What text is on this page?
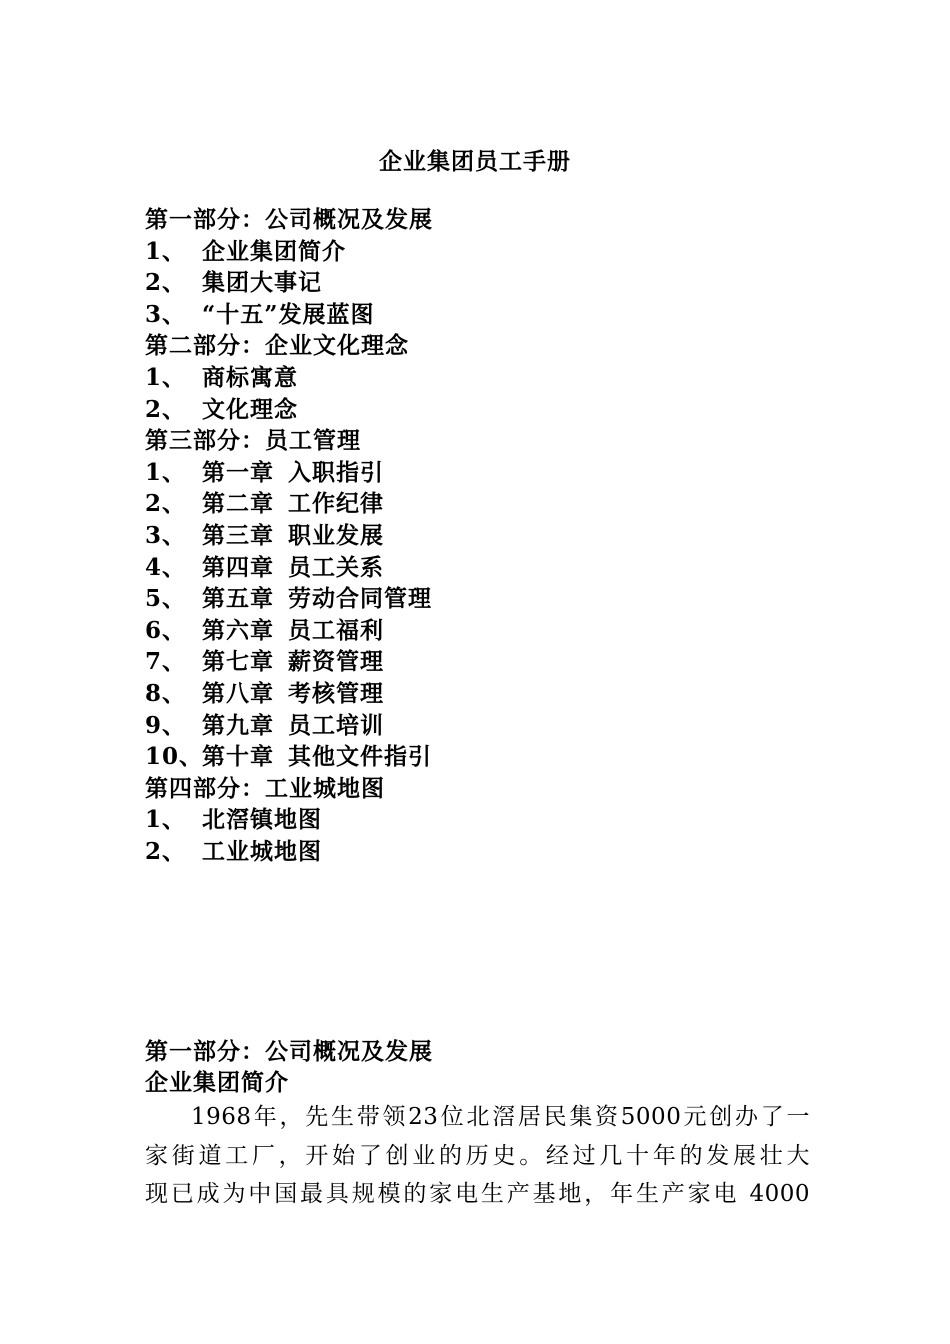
企业集团员工手册
第一部分：公司概况及发展
1、 企业集团简介
2、 集团大事记
3、 “十五”发展蓝图
第二部分：企业文化理念
1、 商标寓意
2、 文化理念
第三部分：员工管理
1、 第一章 入职指引
2、 第二章 工作纪律
3、 第三章 职业发展
4、 第四章 员工关系
5、 第五章 劳动合同管理
6、 第六章 员工福利
7、 第七章 薪资管理
8、 第八章 考核管理
9、 第九章 员工培训
10、第十章 其他文件指引
第四部分：工业城地图
1、 北滘镇地图
2、 工业城地图
第一部分：公司概况及发展
企业集团简介

1968年，先生带领23位北滘居民集资5000元创办了一

家街道工厂，开始了创业的历史。经过几十年的发展壮大

现已成为中国最具规模的家电生产基地，年生产家电 4000
